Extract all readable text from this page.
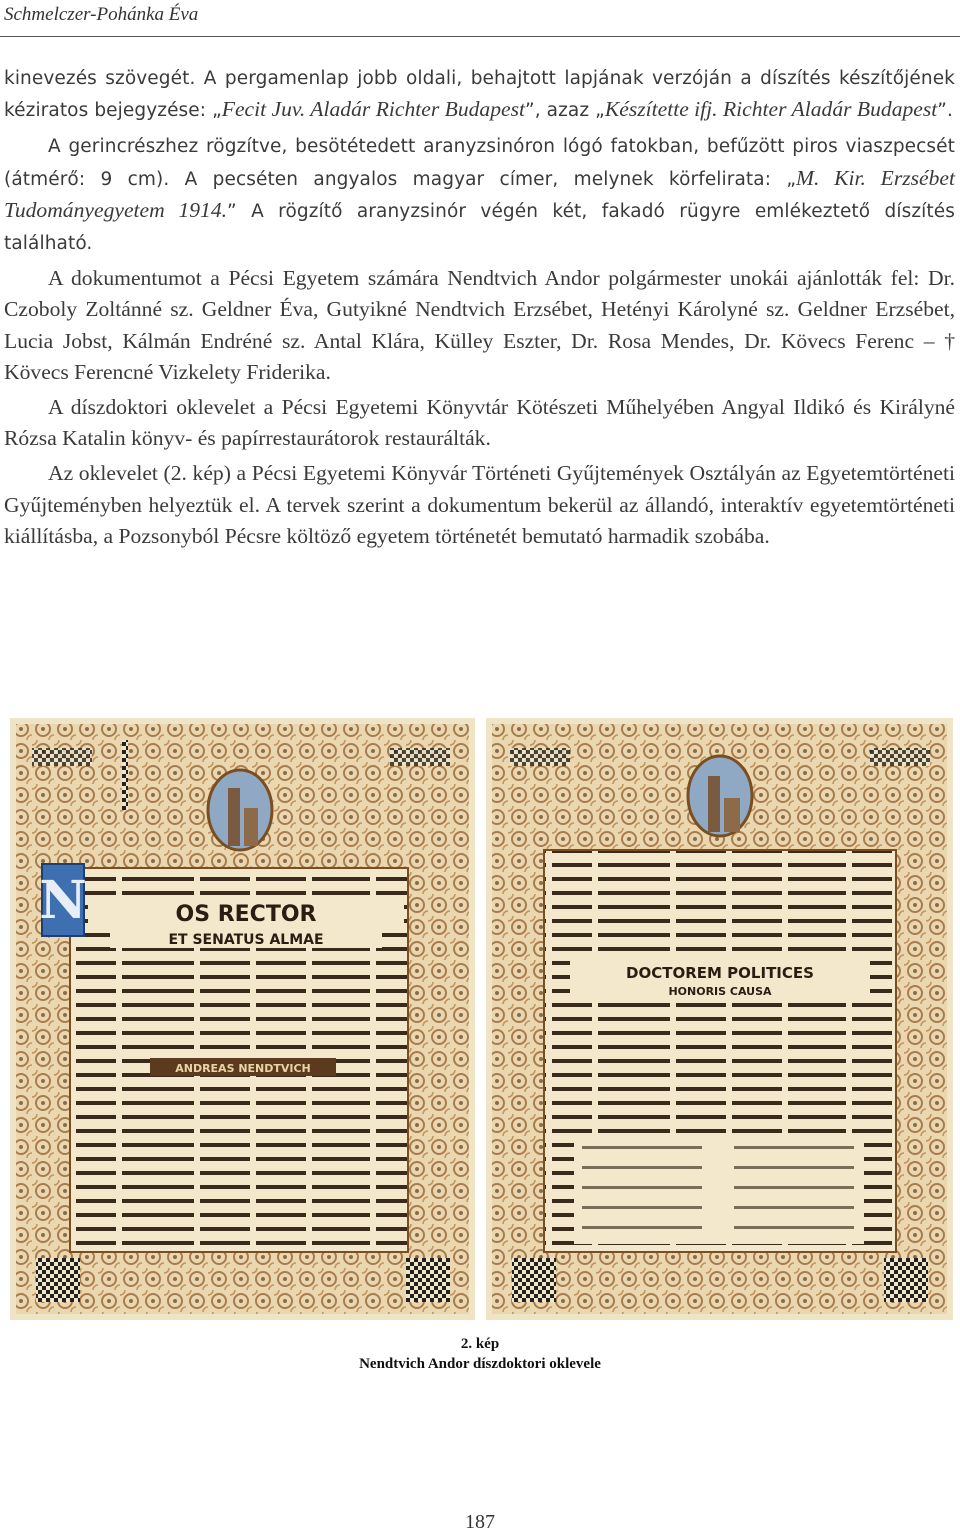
Schmelczer-Pohánka Éva

kinevezés szövegét. A pergamenlap jobb oldali, behajtott lapjának verzóján a díszítés készítőjének kéziratos bejegyzése: „Fecit Juv. Aladár Richter Budapest”, azaz „Készítette ifj. Richter Aladár Budapest”.

A gerincrészhez rögzítve, besötétedett aranyzsinóron lógó fatokban, befűzött piros viaszpecsét (átmérő: 9 cm). A pecséten angyalos magyar címer, melynek körfelirata: „M. Kir. Erzsébet Tudományegyetem 1914.” A rögzítő aranyzsinór végén két, fakadó rügyre emlékeztető díszítés található.

A dokumentumot a Pécsi Egyetem számára Nendtvich Andor polgármester unokái ajánlották fel: Dr. Czoboly Zoltánné sz. Geldner Éva, Gutyikné Nendtvich Erzsébet, Hetényi Károlyné sz. Geldner Erzsébet, Lucia Jobst, Kálmán Endréné sz. Antal Klára, Külley Eszter, Dr. Rosa Mendes, Dr. Kövecs Ferenc – † Kövecs Ferencné Vizkelety Friderika.

A díszdoktori oklevelet a Pécsi Egyetemi Könyvtár Kötészeti Műhelyében Angyal Ildikó és Királyné Rózsa Katalin könyv- és papírrestaurátorok restaurálták.

Az oklevelet (2. kép) a Pécsi Egyetemi Könyvár Történeti Gyűjtemények Osztályán az Egyetemtörténeti Gyűjteményben helyeztük el. A tervek szerint a dokumentum bekerül az állandó, interaktív egyetemtörténeti kiállításba, a Pozsonyból Pécsre költöző egyetem történetét bemutató harmadik szobába.

N	OS RECTOR
ET SENATUS ALMAE
ANDREAS NENDTVICH
DOCTOREM POLITICES
HONORIS CAUSA
2. kép
Nendtvich Andor díszdoktori oklevele
187
